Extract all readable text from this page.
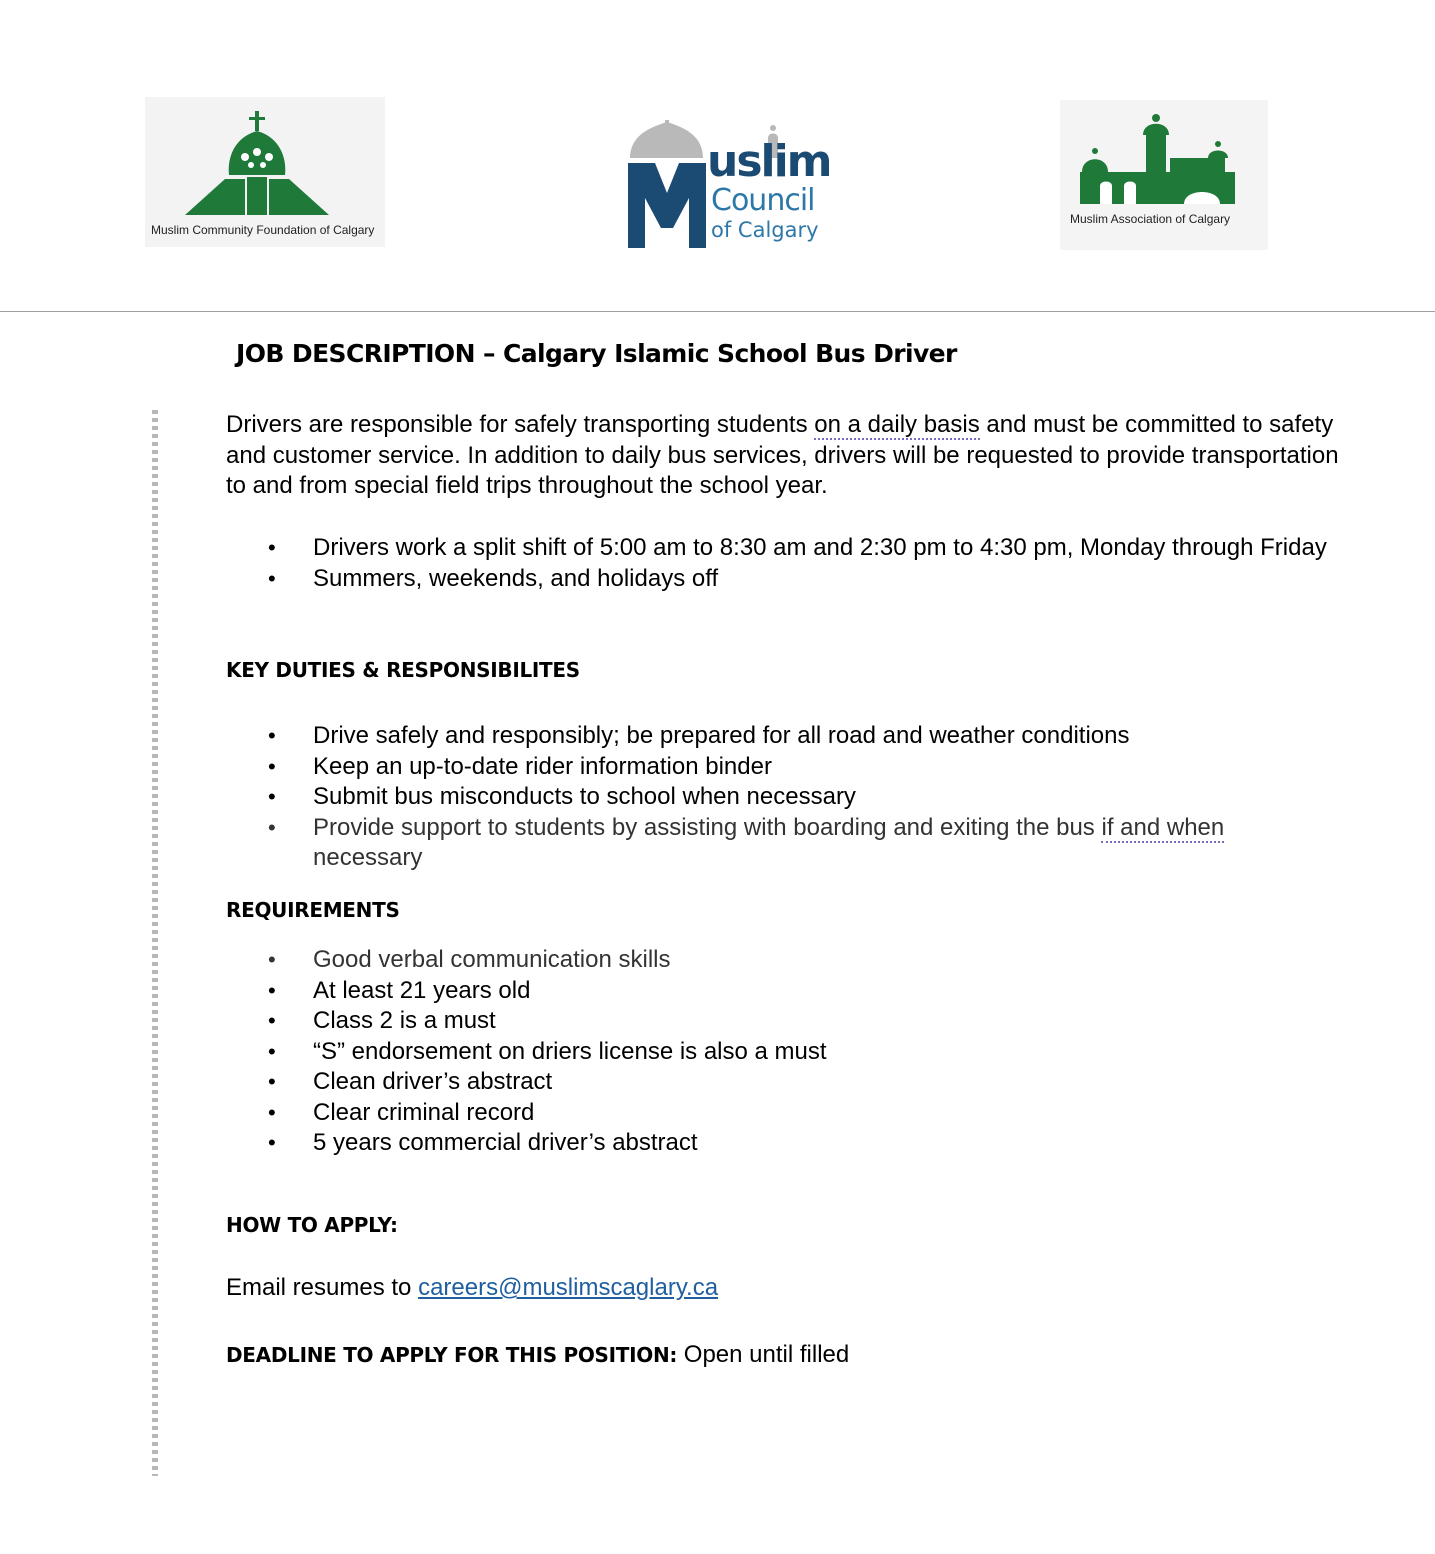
Muslim Community Foundation of Calgary
uslim
Council
of Calgary	Muslim Association of Calgary
JOB DESCRIPTION – Calgary Islamic School Bus Driver
Drivers are responsible for safely transporting students on a daily basis and must be committed to safety and customer service. In addition to daily bus services, drivers will be requested to provide transportation to and from special field trips throughout the school year.
• Drivers work a split shift of 5:00 am to 8:30 am and 2:30 pm to 4:30 pm, Monday through Friday
• Summers, weekends, and holidays off
KEY DUTIES & RESPONSIBILITES
• Drive safely and responsibly; be prepared for all road and weather conditions
• Keep an up-to-date rider information binder
• Submit bus misconducts to school when necessary
• Provide support to students by assisting with boarding and exiting the bus if and when necessary
REQUIREMENTS
• Good verbal communication skills
• At least 21 years old
• Class 2 is a must
• “S” endorsement on driers license is also a must
• Clean driver’s abstract
• Clear criminal record
• 5 years commercial driver’s abstract
HOW TO APPLY:
Email resumes to careers@muslimscaglary.ca
DEADLINE TO APPLY FOR THIS POSITION: Open until filled
